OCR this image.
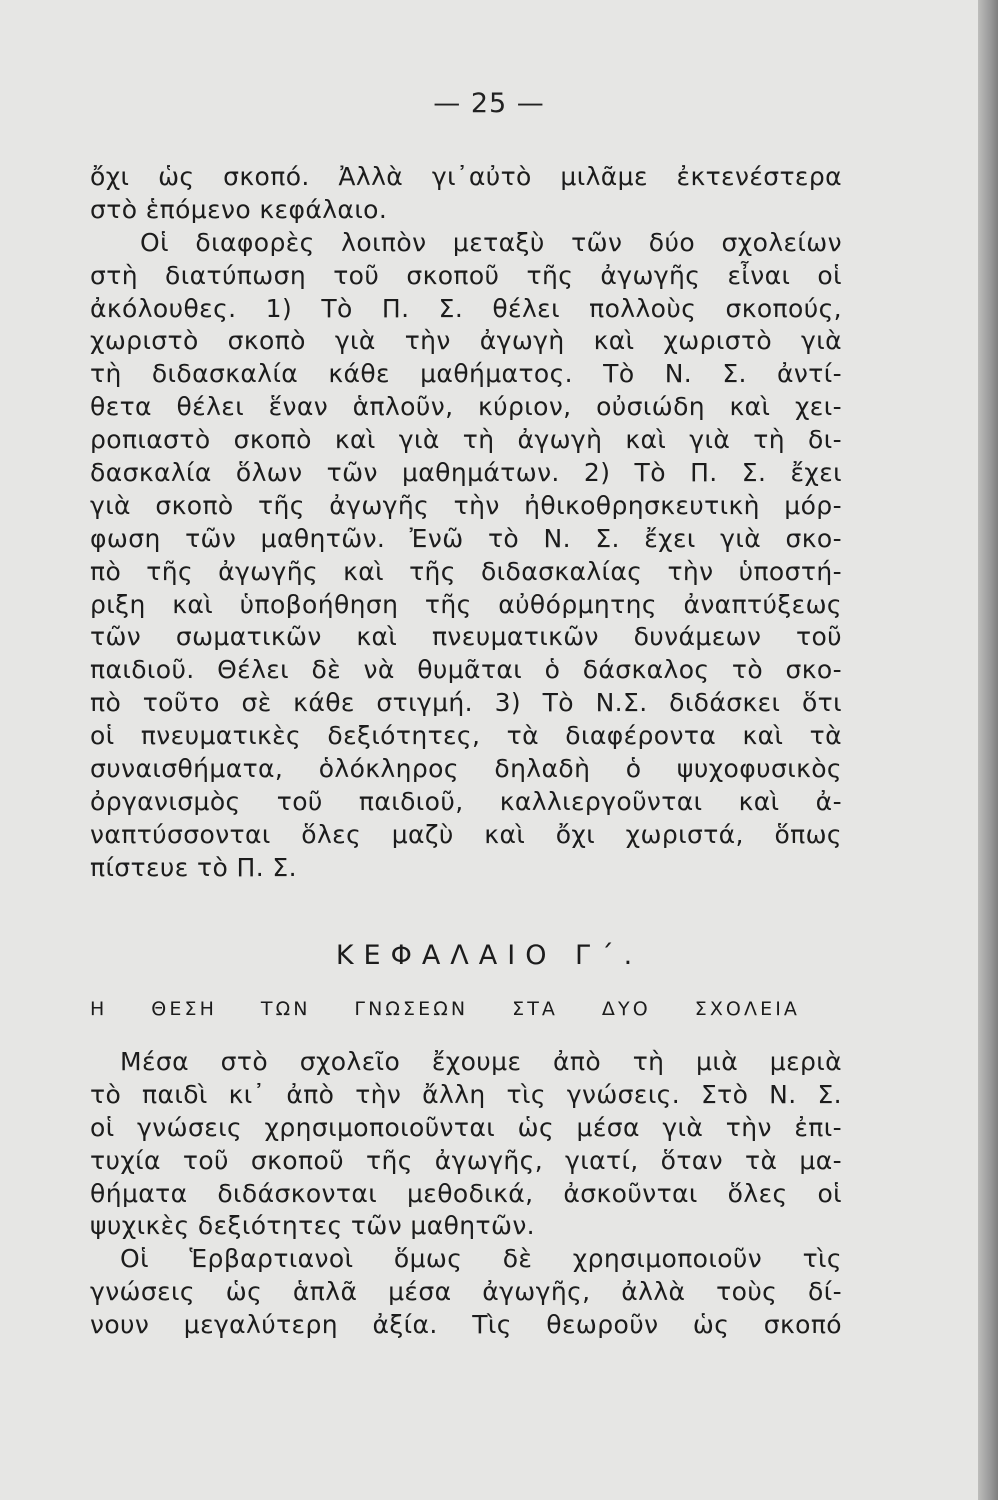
— 25 —
ὄχι ὡς σκοπό. Ἀλλὰ γι᾿αὐτὸ μιλᾶμε ἐκτενέστερα
στὸ ἑπόμενο κεφάλαιο.
Οἱ διαφορὲς λοιπὸν μεταξὺ τῶν δύο σχολείων
στὴ διατύπωση τοῦ σκοποῦ τῆς ἀγωγῆς εἶναι οἱ
ἀκόλουθες. 1) Τὸ Π. Σ. θέλει πολλοὺς σκοπούς,
χωριστὸ σκοπὸ γιὰ τὴν ἀγωγὴ καὶ χωριστὸ γιὰ
τὴ διδασκαλία κάθε μαθήματος. Τὸ Ν. Σ. ἀντί-
θετα θέλει ἕναν ἁπλοῦν, κύριον, οὐσιώδη καὶ χει-
ροπιαστὸ σκοπὸ καὶ γιὰ τὴ ἀγωγὴ καὶ γιὰ τὴ δι-
δασκαλία ὅλων τῶν μαθημάτων. 2) Τὸ Π. Σ. ἔχει
γιὰ σκοπὸ τῆς ἀγωγῆς τὴν ἠθικοθρησκευτικὴ μόρ-
φωση τῶν μαθητῶν. Ἐνῶ τὸ Ν. Σ. ἔχει γιὰ σκο-
πὸ τῆς ἀγωγῆς καὶ τῆς διδασκαλίας τὴν ὑποστή-
ριξη καὶ ὑποβοήθηση τῆς αὐθόρμητης ἀναπτύξεως
τῶν σωματικῶν καὶ πνευματικῶν δυνάμεων τοῦ
παιδιοῦ. Θέλει δὲ νὰ θυμᾶται ὁ δάσκαλος τὸ σκο-
πὸ τοῦτο σὲ κάθε στιγμή. 3) Τὸ Ν.Σ. διδάσκει ὅτι
οἱ πνευματικὲς δεξιότητες, τὰ διαφέροντα καὶ τὰ
συναισθήματα, ὁλόκληρος δηλαδὴ ὁ ψυχοφυσικὸς
ὀργανισμὸς τοῦ παιδιοῦ, καλλιεργοῦνται καὶ ἀ-
ναπτύσσονται ὅλες μαζὺ καὶ ὄχι χωριστά, ὅπως
πίστευε τὸ Π. Σ.
ΚΕΦΑΛΑΙΟ Γ΄.
Η ΘΕΣΗ ΤΩΝ ΓΝΩΣΕΩΝ ΣΤΑ ΔΥΟ ΣΧΟΛΕΙΑ
Μέσα στὸ σχολεῖο ἔχουμε ἀπὸ τὴ μιὰ μεριὰ
τὸ παιδὶ κι᾿ ἀπὸ τὴν ἄλλη τὶς γνώσεις. Στὸ Ν. Σ.
οἱ γνώσεις χρησιμοποιοῦνται ὡς μέσα γιὰ τὴν ἐπι-
τυχία τοῦ σκοποῦ τῆς ἀγωγῆς, γιατί, ὅταν τὰ μα-
θήματα διδάσκονται μεθοδικά, ἀσκοῦνται ὅλες οἱ
ψυχικὲς δεξιότητες τῶν μαθητῶν.
Οἱ Ἑρβαρτιανοὶ ὅμως δὲ χρησιμοποιοῦν τὶς
γνώσεις ὡς ἁπλᾶ μέσα ἀγωγῆς, ἀλλὰ τοὺς δί-
νουν μεγαλύτερη ἀξία. Τὶς θεωροῦν ὡς σκοπό
